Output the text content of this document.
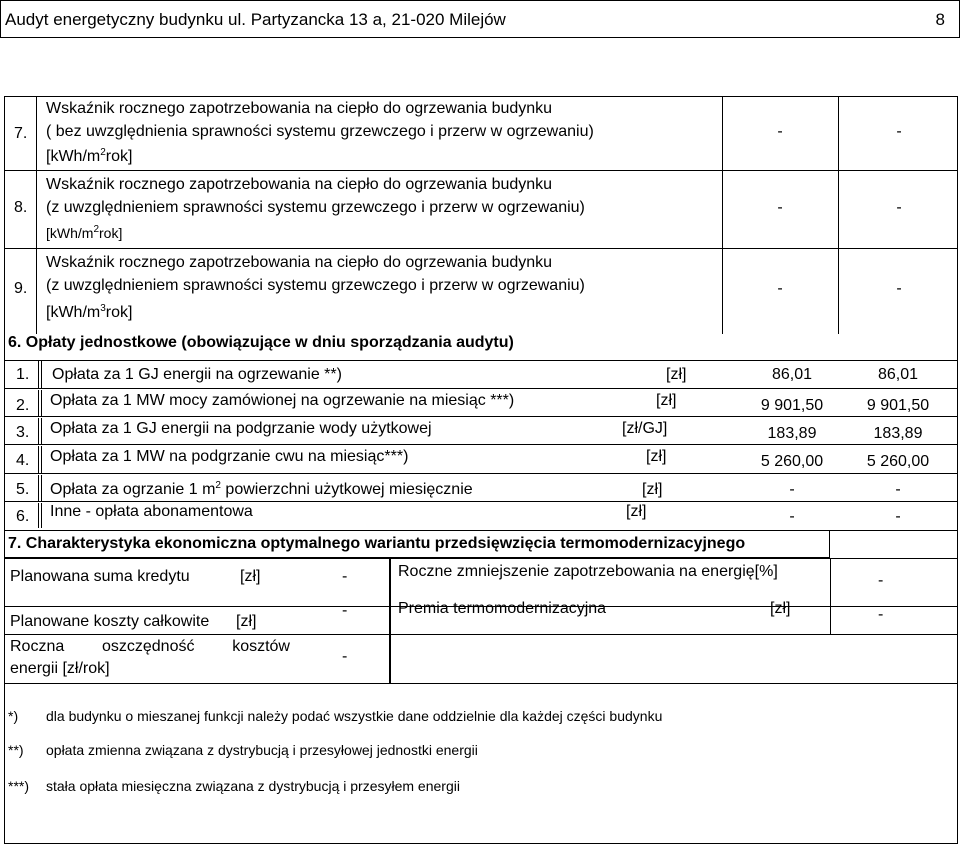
Audyt energetyczny budynku ul. Partyzancka 13 a, 21-020 Milejów	8
7.
Wskaźnik rocznego zapotrzebowania na ciepło do ogrzewania budynku
( bez uwzględnienia sprawności systemu grzewczego i przerw w ogrzewaniu)
$[kWh/m^2rok]$
-	-
8.
Wskaźnik rocznego zapotrzebowania na ciepło do ogrzewania budynku
(z uwzględnieniem sprawności systemu grzewczego i przerw w ogrzewaniu)
$[kWh/m^2rok]$
-	-
9.
Wskaźnik rocznego zapotrzebowania na ciepło do ogrzewania budynku
(z uwzględnieniem sprawności systemu grzewczego i przerw w ogrzewaniu)
$[kWh/m^3rok]$
-	-
6. Opłaty jednostkowe (obowiązujące w dniu sporządzania audytu)
1. Opłata za 1 GJ energii na ogrzewanie **)	[zł]	86,01	86,01
2. Opłata za 1 MW mocy zamówionej na ogrzewanie na miesiąc ***)	[zł]	9 901,50	9 901,50
3. Opłata za 1 GJ energii na podgrzanie wody użytkowej	[zł/GJ]	183,89	183,89
4. Opłata za 1 MW na podgrzanie cwu na miesiąc***)	[zł]	5 260,00	5 260,00
5. Opłata za ogrzanie 1 $m^2$ powierzchni użytkowej miesięcznie	[zł]	-	-
6. Inne - opłata abonamentowa	[zł]	-	-
7. Charakterystyka ekonomiczna optymalnego wariantu przedsięwzięcia termomodernizacyjnego
Planowana suma kredytu	[zł]	-
Planowane koszty całkowite [zł]
-
Roczna oszczędność kosztów
energii [zł/rok]
-
Roczne zmniejszenie zapotrzebowania na energię[%]
-
Premia termomodernizacyjna	[zł]	-
*) dla budynku o mieszanej funkcji należy podać wszystkie dane oddzielnie dla każdej części budynku
**) opłata zmienna związana z dystrybucją i przesyłowej jednostki energii
***) stała opłata miesięczna związana z dystrybucją i przesyłem energii
